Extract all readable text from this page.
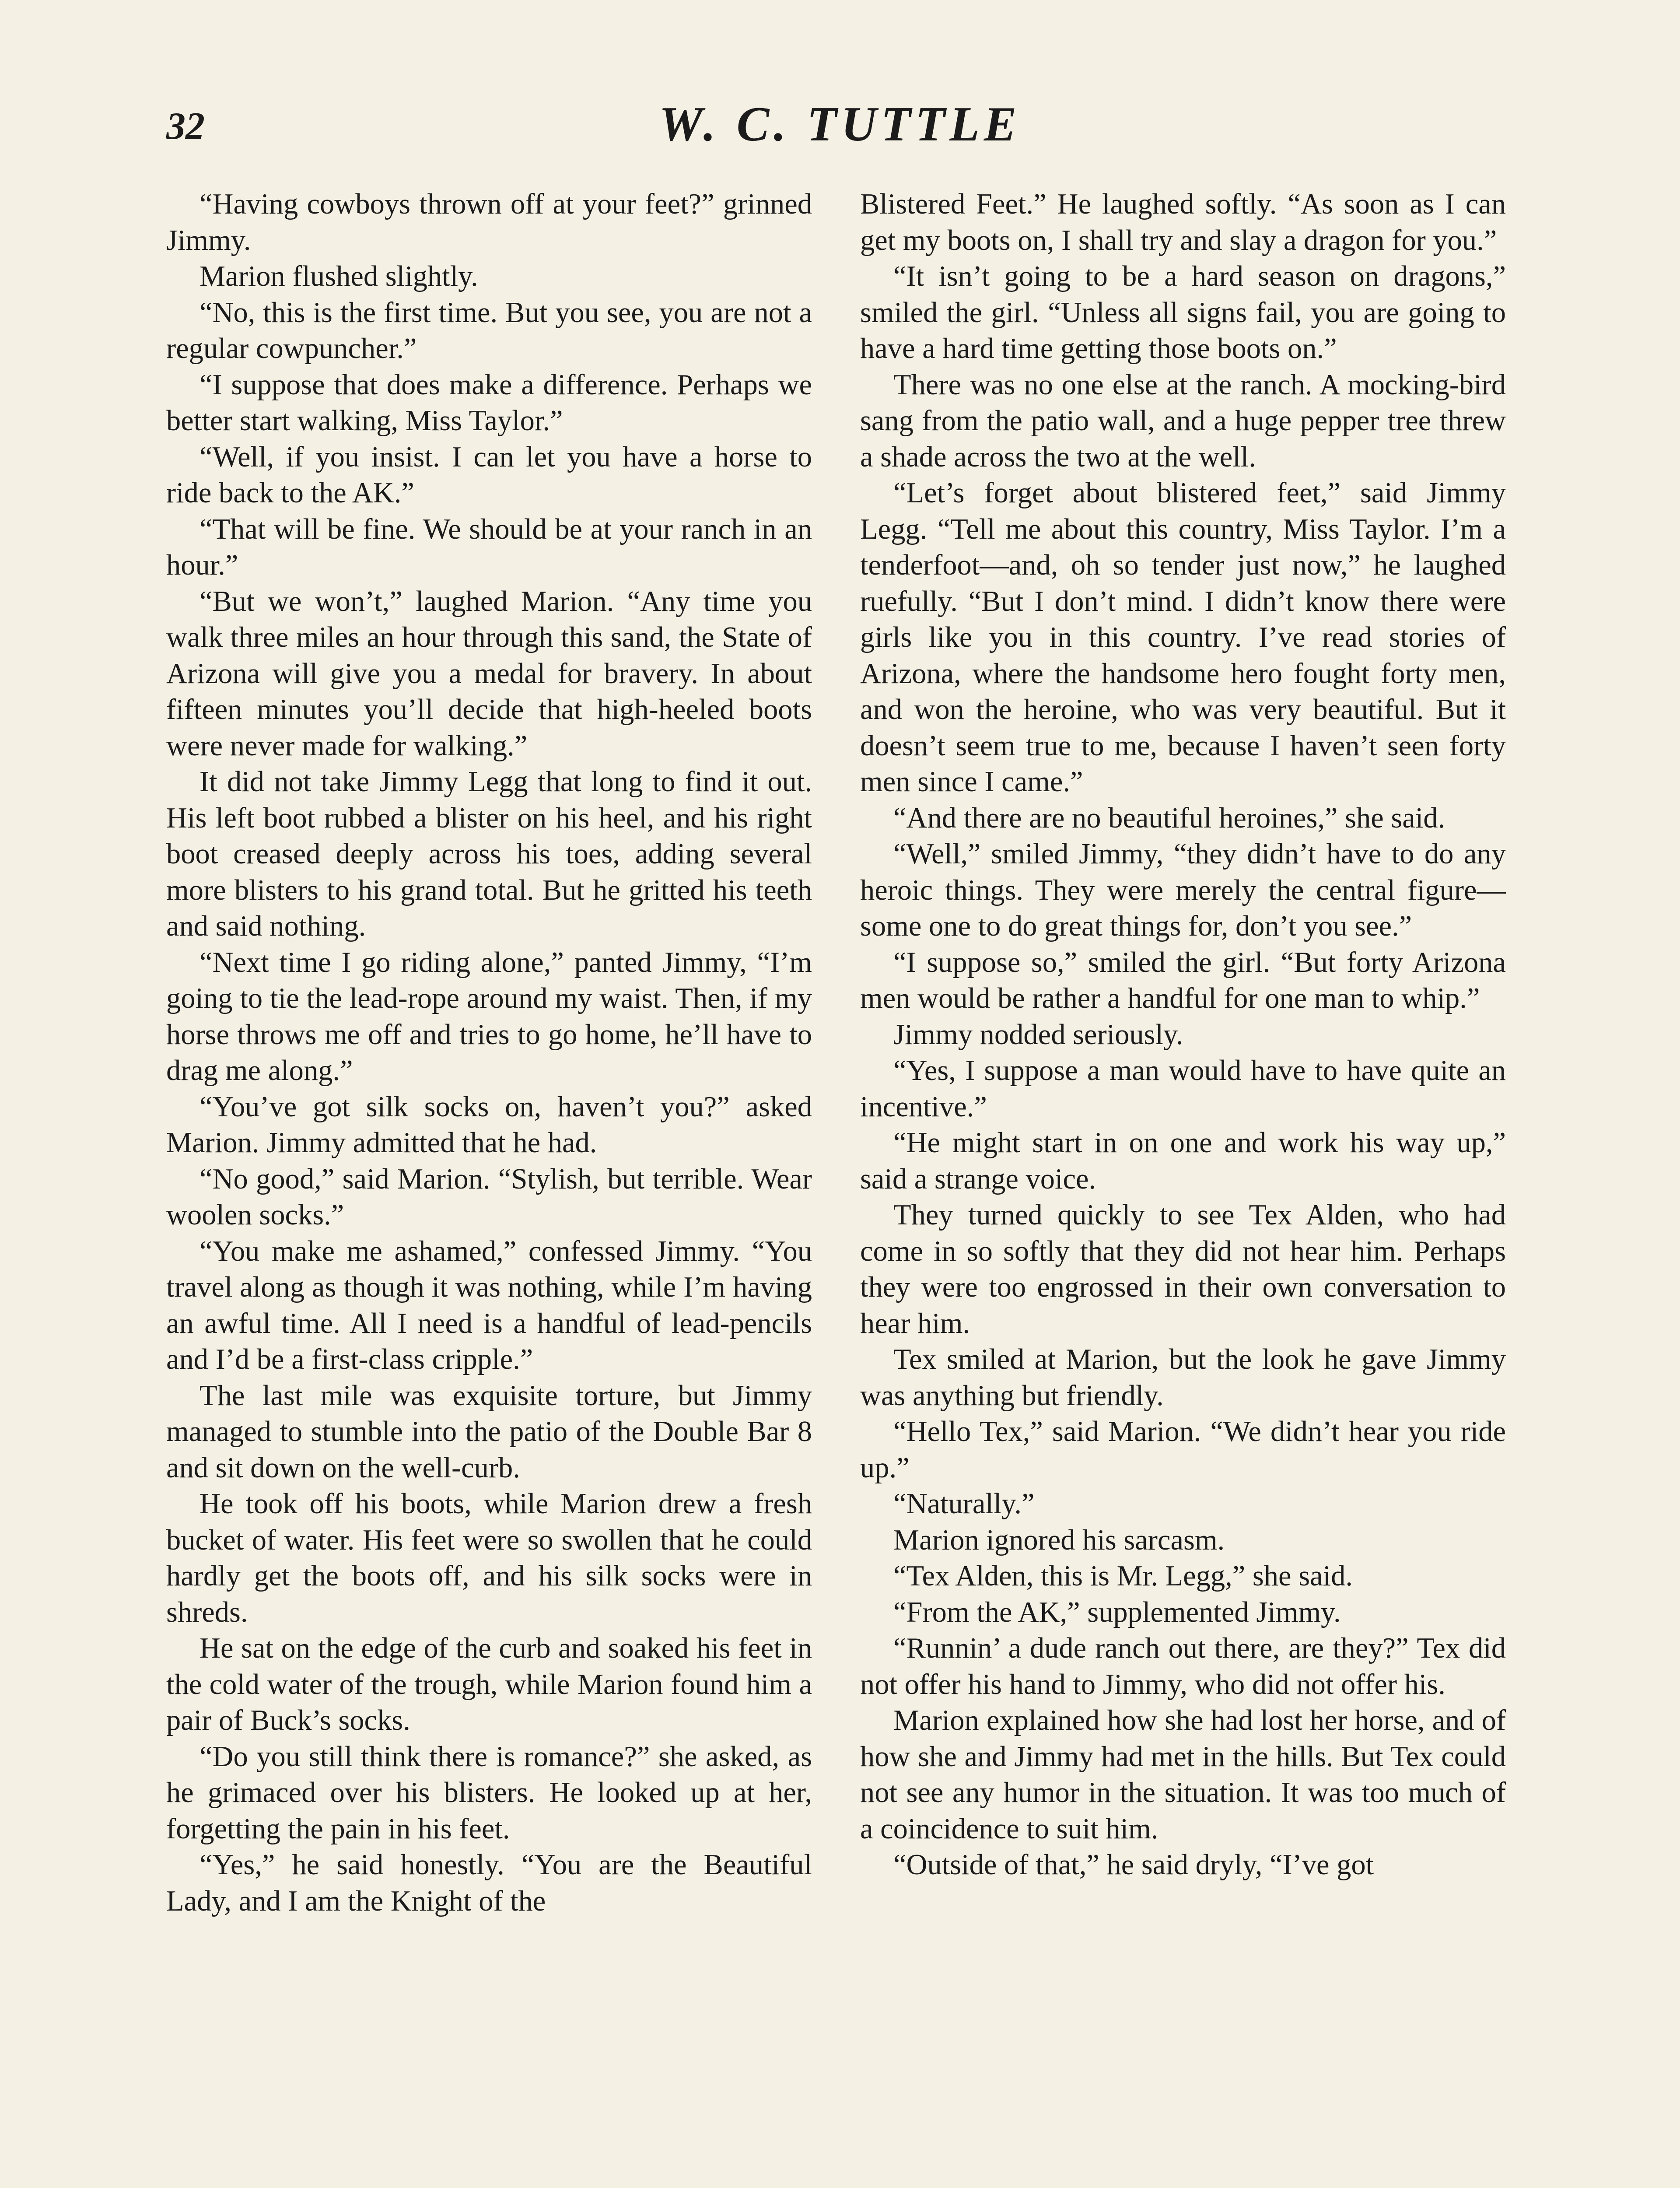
32	W. C. TUTTLE

“Having cowboys thrown off at your feet?” grinned Jimmy.

Marion flushed slightly.

“No, this is the first time. But you see, you are not a regular cowpuncher.”

“I suppose that does make a difference. Perhaps we better start walking, Miss Taylor.”

“Well, if you insist. I can let you have a horse to ride back to the AK.”

“That will be fine. We should be at your ranch in an hour.”

“But we won’t,” laughed Marion. “Any time you walk three miles an hour through this sand, the State of Arizona will give you a medal for bravery. In about fifteen minutes you’ll decide that high-heeled boots were never made for walking.”

It did not take Jimmy Legg that long to find it out. His left boot rubbed a blister on his heel, and his right boot creased deeply across his toes, adding several more blisters to his grand total. But he gritted his teeth and said nothing.

“Next time I go riding alone,” panted Jimmy, “I’m going to tie the lead-rope around my waist. Then, if my horse throws me off and tries to go home, he’ll have to drag me along.”

“You’ve got silk socks on, haven’t you?” asked Marion. Jimmy admitted that he had.

“No good,” said Marion. “Stylish, but terrible. Wear woolen socks.”

“You make me ashamed,” confessed Jimmy. “You travel along as though it was nothing, while I’m having an awful time. All I need is a handful of lead-pencils and I’d be a first-class cripple.”

The last mile was exquisite torture, but Jimmy managed to stumble into the patio of the Double Bar 8 and sit down on the well-curb.

He took off his boots, while Marion drew a fresh bucket of water. His feet were so swollen that he could hardly get the boots off, and his silk socks were in shreds.

He sat on the edge of the curb and soaked his feet in the cold water of the trough, while Marion found him a pair of Buck’s socks.

“Do you still think there is romance?” she asked, as he grimaced over his blisters. He looked up at her, forgetting the pain in his feet.

“Yes,” he said honestly. “You are the Beautiful Lady, and I am the Knight of the

Blistered Feet.” He laughed softly. “As soon as I can get my boots on, I shall try and slay a dragon for you.”

“It isn’t going to be a hard season on dragons,” smiled the girl. “Unless all signs fail, you are going to have a hard time getting those boots on.”

There was no one else at the ranch. A mocking-bird sang from the patio wall, and a huge pepper tree threw a shade across the two at the well.

“Let’s forget about blistered feet,” said Jimmy Legg. “Tell me about this country, Miss Taylor. I’m a tenderfoot—and, oh so tender just now,” he laughed ruefully. “But I don’t mind. I didn’t know there were girls like you in this country. I’ve read stories of Arizona, where the handsome hero fought forty men, and won the heroine, who was very beautiful. But it doesn’t seem true to me, because I haven’t seen forty men since I came.”

“And there are no beautiful heroines,” she said.

“Well,” smiled Jimmy, “they didn’t have to do any heroic things. They were merely the central figure—some one to do great things for, don’t you see.”

“I suppose so,” smiled the girl. “But forty Arizona men would be rather a handful for one man to whip.”

Jimmy nodded seriously.

“Yes, I suppose a man would have to have quite an incentive.”

“He might start in on one and work his way up,” said a strange voice.

They turned quickly to see Tex Alden, who had come in so softly that they did not hear him. Perhaps they were too engrossed in their own conversation to hear him.

Tex smiled at Marion, but the look he gave Jimmy was anything but friendly.

“Hello Tex,” said Marion. “We didn’t hear you ride up.”

“Naturally.”

Marion ignored his sarcasm.

“Tex Alden, this is Mr. Legg,” she said.

“From the AK,” supplemented Jimmy.

“Runnin’ a dude ranch out there, are they?” Tex did not offer his hand to Jimmy, who did not offer his.

Marion explained how she had lost her horse, and of how she and Jimmy had met in the hills. But Tex could not see any humor in the situation. It was too much of a coincidence to suit him.

“Outside of that,” he said dryly, “I’ve got
